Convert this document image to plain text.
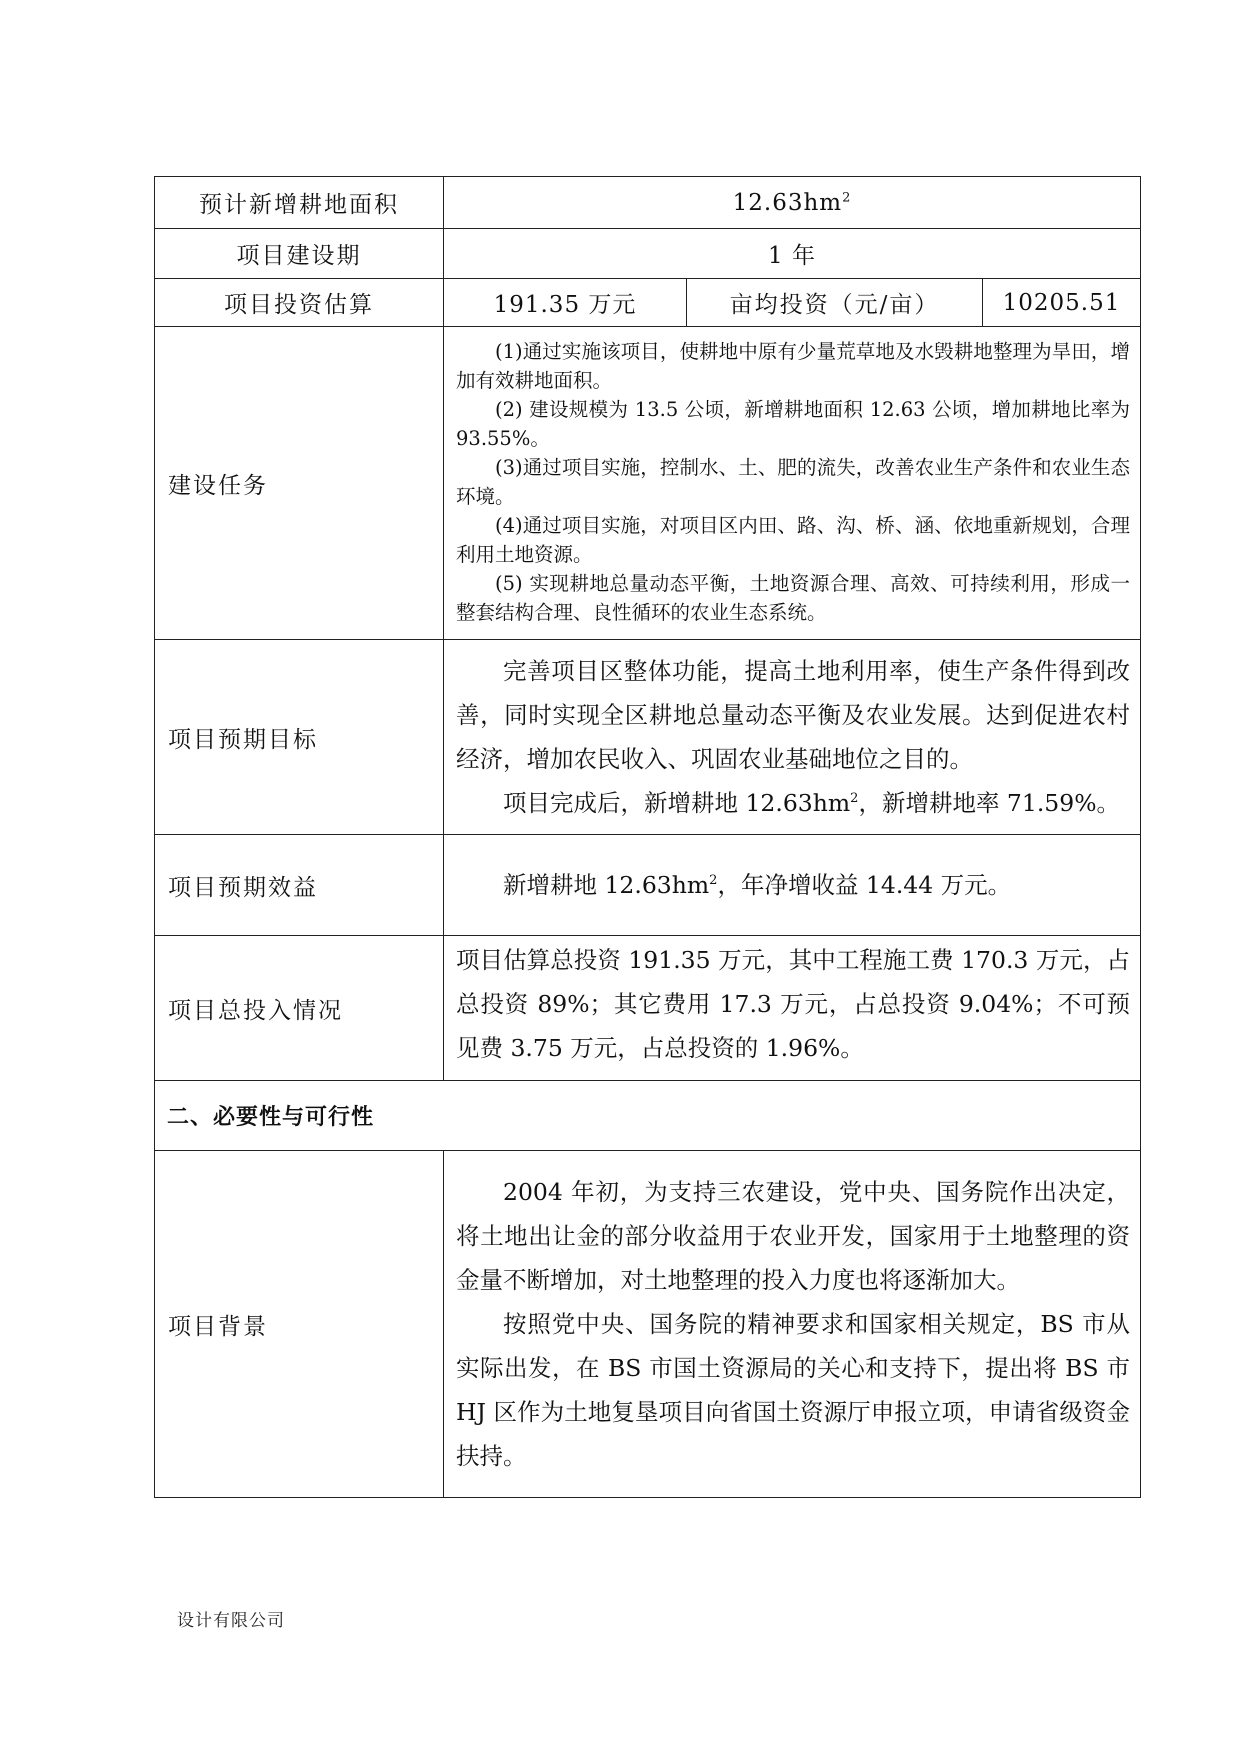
预计新增耕地面积	$12.63hm^2$
项目建设期	1 年		
项目投资估算	191.35 万元	亩均投资（元/亩）	10205.51
建设任务	(1)通过实施该项目，使耕地中原有少量荒草地及水毁耕地整理为旱田，增加有效耕地面积。

(2) 建设规模为 13.5 公顷，新增耕地面积 12.63 公顷，增加耕地比率为 93.55%。

(3)通过项目实施，控制水、土、肥的流失，改善农业生产条件和农业生态环境。

(4)通过项目实施，对项目区内田、路、沟、桥、涵、依地重新规划，合理利用土地资源。

(5) 实现耕地总量动态平衡，土地资源合理、高效、可持续利用，形成一整套结构合理、良性循环的农业生态系统。		

项目预期目标	完善项目区整体功能，提高土地利用率，使生产条件得到改善，同时实现全区耕地总量动态平衡及农业发展。达到促进农村经济，增加农民收入、巩固农业基础地位之目的。

项目完成后，新增耕地 $12.63hm^2$，新增耕地率 71.59%。		

项目预期效益	新增耕地 $12.63hm^2$，年净增收益 14.44 万元。		

项目总投入情况	项目估算总投资 191.35 万元，其中工程施工费 170.3 万元，占总投资 89%；其它费用 17.3 万元，占总投资 9.04%；不可预见费 3.75 万元，占总投资的 1.96%。		

二、必要性与可行性			
项目背景	2004 年初，为支持三农建设，党中央、国务院作出决定，将土地出让金的部分收益用于农业开发，国家用于土地整理的资金量不断增加，对土地整理的投入力度也将逐渐加大。

按照党中央、国务院的精神要求和国家相关规定，BS 市从实际出发，在 BS 市国土资源局的关心和支持下，提出将 BS 市 HJ 区作为土地复垦项目向省国土资源厅申报立项，申请省级资金扶持。		

设计有限公司
